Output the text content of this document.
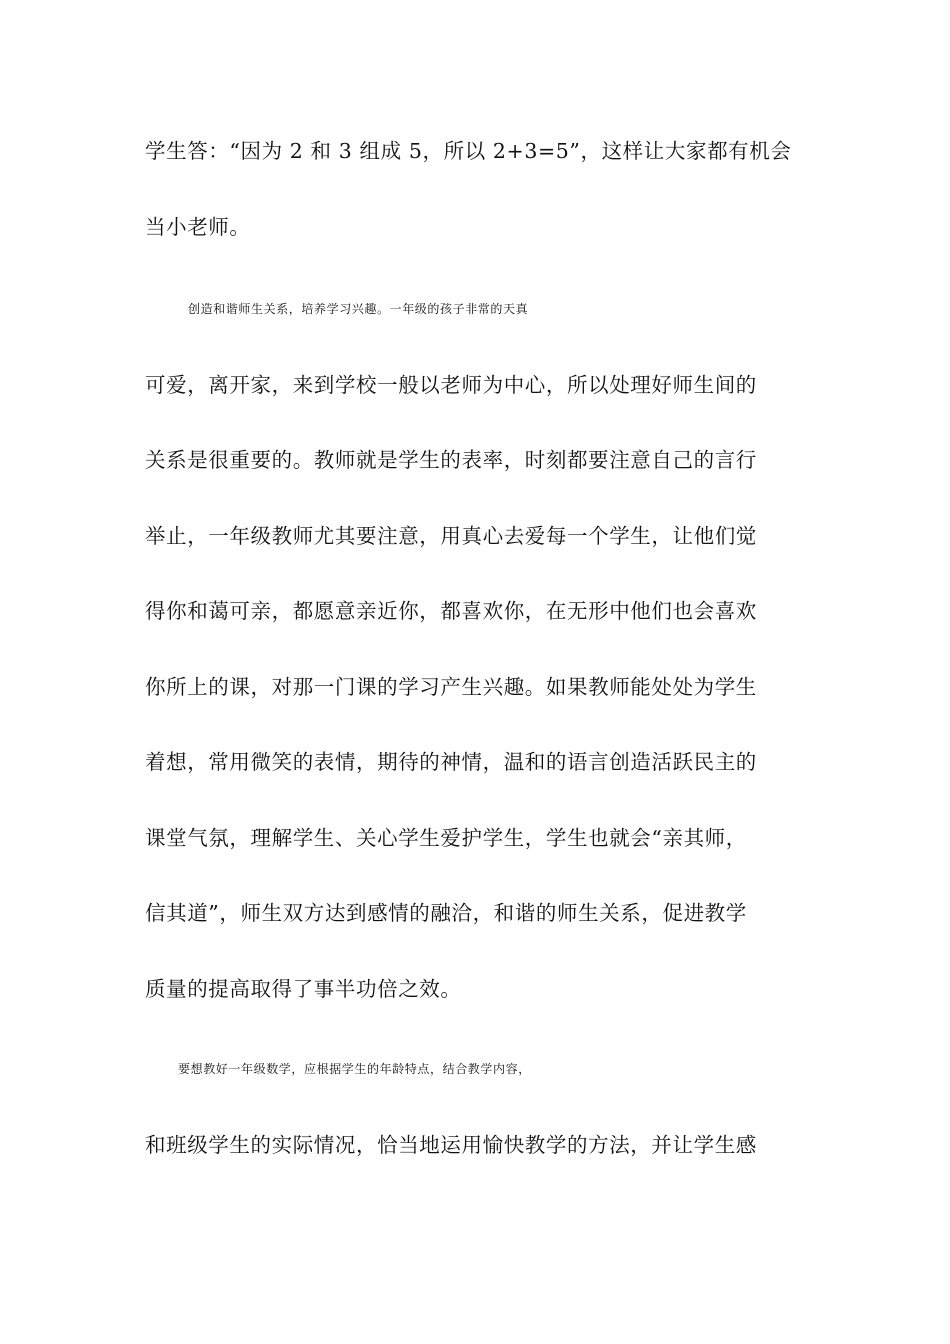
学生答：“因为 2 和 3 组成 5，所以 2+3=5”，这样让大家都有机会
当小老师。
创造和谐师生关系，培养学习兴趣。一年级的孩子非常的天真
可爱，离开家，来到学校一般以老师为中心，所以处理好师生间的
关系是很重要的。教师就是学生的表率，时刻都要注意自己的言行
举止，一年级教师尤其要注意，用真心去爱每一个学生，让他们觉
得你和蔼可亲，都愿意亲近你，都喜欢你，在无形中他们也会喜欢
你所上的课，对那一门课的学习产生兴趣。如果教师能处处为学生
着想，常用微笑的表情，期待的神情，温和的语言创造活跃民主的
课堂气氛，理解学生、关心学生爱护学生，学生也就会“亲其师，
信其道”，师生双方达到感情的融洽，和谐的师生关系，促进教学
质量的提高取得了事半功倍之效。
要想教好一年级数学，应根据学生的年龄特点，结合教学内容，
和班级学生的实际情况，恰当地运用愉快教学的方法，并让学生感
